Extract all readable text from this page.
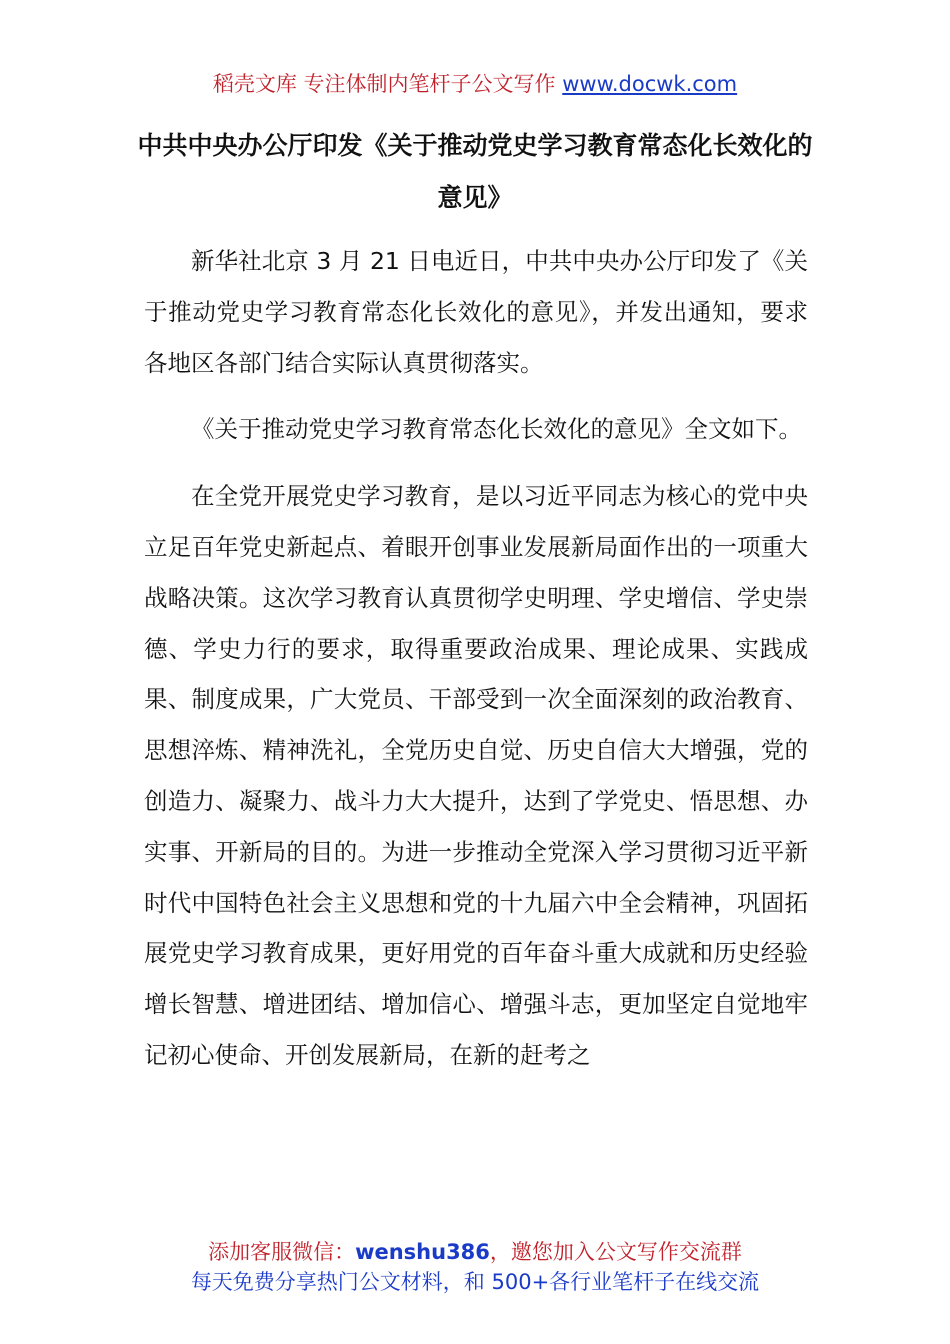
稻壳文库 专注体制内笔杆子公文写作 www.docwk.com
中共中央办公厅印发《关于推动党史学习教育常态化长效化的意见》

新华社北京 3 月 21 日电近日，中共中央办公厅印发了《关于推动党史学习教育常态化长效化的意见》，并发出通知，要求各地区各部门结合实际认真贯彻落实。

《关于推动党史学习教育常态化长效化的意见》全文如下。

在全党开展党史学习教育，是以习近平同志为核心的党中央立足百年党史新起点、着眼开创事业发展新局面作出的一项重大战略决策。这次学习教育认真贯彻学史明理、学史增信、学史崇德、学史力行的要求，取得重要政治成果、理论成果、实践成果、制度成果，广大党员、干部受到一次全面深刻的政治教育、思想淬炼、精神洗礼，全党历史自觉、历史自信大大增强，党的创造力、凝聚力、战斗力大大提升，达到了学党史、悟思想、办实事、开新局的目的。为进一步推动全党深入学习贯彻习近平新时代中国特色社会主义思想和党的十九届六中全会精神，巩固拓展党史学习教育成果，更好用党的百年奋斗重大成就和历史经验增长智慧、增进团结、增加信心、增强斗志，更加坚定自觉地牢记初心使命、开创发展新局，在新的赶考之

添加客服微信：wenshu386，邀您加入公文写作交流群
每天免费分享热门公文材料，和 500+各行业笔杆子在线交流
